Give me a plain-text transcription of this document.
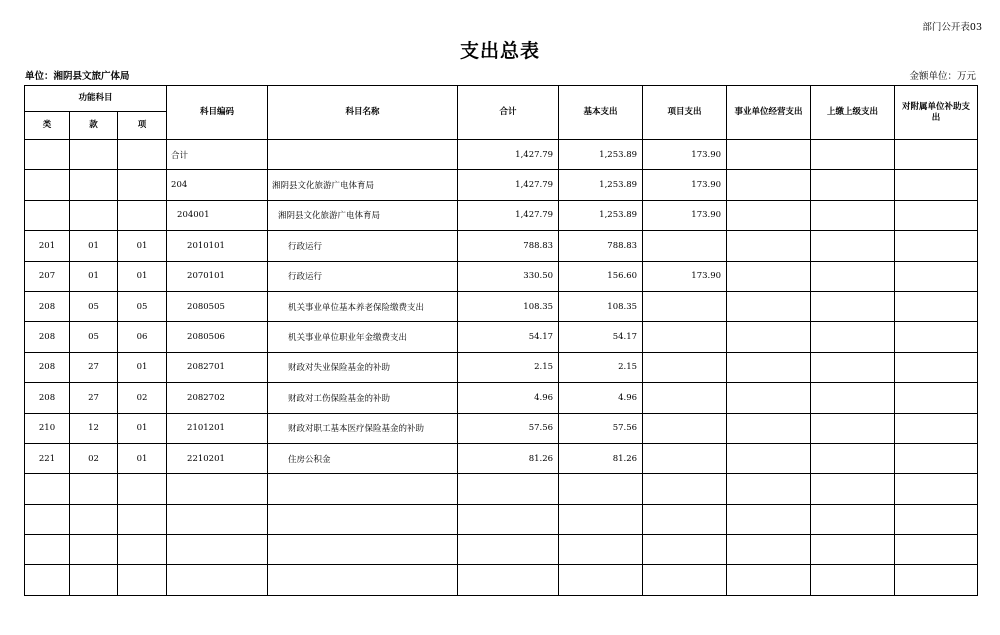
部门公开表03
支出总表
单位：湘阴县文旅广体局	金额单位：万元
功能科目			科目编码	科目名称	合计	基本支出	项目支出	事业单位经营支出	上缴上级支出	对附属单位补助支出
类	款	项								
			合计		1,427.79	1,253.89	173.90			
			204	湘阴县文化旅游广电体育局	1,427.79	1,253.89	173.90			
			204001	湘阴县文化旅游广电体育局	1,427.79	1,253.89	173.90			
201	01	01	2010101	行政运行	788.83	788.83				
207	01	01	2070101	行政运行	330.50	156.60	173.90			
208	05	05	2080505	机关事业单位基本养老保险缴费支出	108.35	108.35				
208	05	06	2080506	机关事业单位职业年金缴费支出	54.17	54.17				
208	27	01	2082701	财政对失业保险基金的补助	2.15	2.15				
208	27	02	2082702	财政对工伤保险基金的补助	4.96	4.96				
210	12	01	2101201	财政对职工基本医疗保险基金的补助	57.56	57.56				
221	02	01	2210201	住房公积金	81.26	81.26				
